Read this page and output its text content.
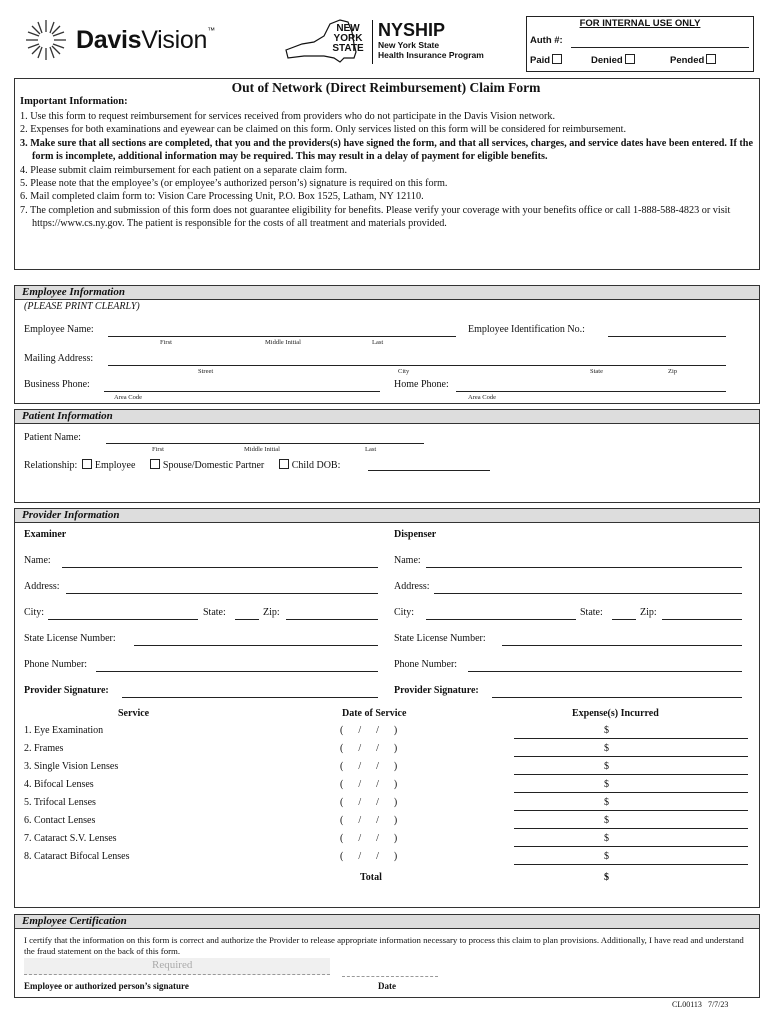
DavisVision™	NEW
YORK
STATE
NYSHIP
New York State
Health Insurance Program
FOR INTERNAL USE ONLY
Auth #:
Paid	Denied	Pended
Out of Network (Direct Reimbursement) Claim Form
Important Information:
1. Use this form to request reimbursement for services received from providers who do not participate in the Davis Vision network.
2. Expenses for both examinations and eyewear can be claimed on this form. Only services listed on this form will be considered for reimbursement.
3. Make sure that all sections are completed, that you and the providers(s) have signed the form, and that all services, charges, and service dates have been entered. If the form is incomplete, additional information may be required. This may result in a delay of payment for eligible benefits.
4. Please submit claim reimbursement for each patient on a separate claim form.
5. Please note that the employee’s (or employee’s authorized person’s) signature is required on this form.
6. Mail completed claim form to: Vision Care Processing Unit, P.O. Box 1525, Latham, NY 12110.
7. The completion and submission of this form does not guarantee eligibility for benefits. Please verify your coverage with your benefits office or call 1-888-588-4823 or visit https://www.cs.ny.gov. The patient is responsible for the costs of all treatment and materials provided.
Employee Information
(PLEASE PRINT CLEARLY)
Employee Name:
First	Middle Initial	Last
Employee Identification No.:
Mailing Address:
Street	City	State	Zip
Business Phone:
Area Code
Home Phone:
Area Code
Patient Information
Patient Name:
First	Middle Initial	Last
Relationship: Employee	Spouse/Domestic Partner	Child DOB:
Provider Information
Examiner	Dispenser
Name:
Address:
City:	State:	Zip:
State License Number:
Phone Number:
Provider Signature:
Name:
Address:
City:	State:	Zip:
State License Number:
Phone Number:
Provider Signature:
Service	Date of Service	Expense(s) Incurred
1. Eye Examination	(      /      /      )	$
2. Frames	(      /      /      )	$
3. Single Vision Lenses	(      /      /      )	$
4. Bifocal Lenses	(      /      /      )	$
5. Trifocal Lenses	(      /      /      )	$
6. Contact Lenses	(      /      /      )	$
7. Cataract S.V. Lenses	(      /      /      )	$
8. Cataract Bifocal Lenses	(      /      /      )	$
Total	$
Employee Certification
I certify that the information on this form is correct and authorize the Provider to release appropriate information necessary to process this claim to plan provisions. Additionally, I have read and understand the fraud statement on the back of this form.
Required
Employee or authorized person’s signature	Date
CL00113 7/7/23
